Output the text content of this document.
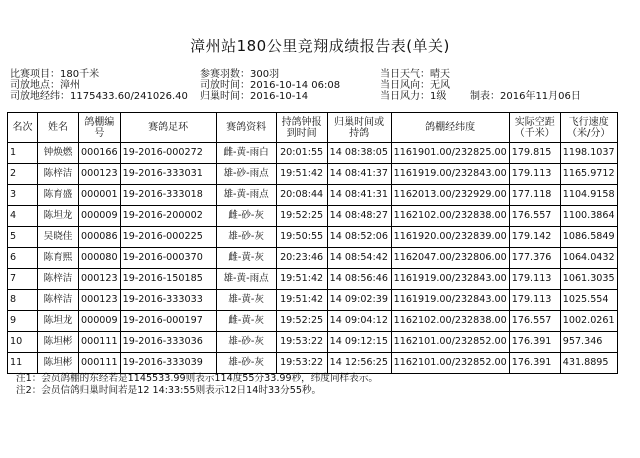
漳州站180公里竞翔成绩报告表(单关)
比赛项目：180千米
司放地点：漳州
司放地经纬：1175433.60/241026.40
参赛羽数：300羽
司放时间：2016-10-14 06:08
归巢时间：2016-10-14
当日天气：晴天
当日风向：无风
当日风力：1级 制表：2016年11月06日
名次	姓名	鸽棚编号	赛鸽足环	赛鸽资料	持鸽钟报到时间	归巢时间或持鸽	鸽棚经纬度	实际空距（千米）	飞行速度（米/分）
1	钟焕燃	000166	19-2016-000272	雌-黄-雨白	20:01:55	14 08:38:05	1161901.00/232825.00	179.815	1198.1037
2	陈梓洁	000123	19-2016-333031	雄-砂-雨点	19:51:42	14 08:41:37	1161919.00/232843.00	179.113	1165.9712
3	陈育盛	000001	19-2016-333018	雄-黄-雨点	20:08:44	14 08:41:31	1162013.00/232929.00	177.118	1104.9158
4	陈坦龙	000009	19-2016-200002	雌-砂-灰	19:52:25	14 08:48:27	1162102.00/232838.00	176.557	1100.3864
5	吴晓佳	000086	19-2016-000225	雄-砂-灰	19:50:55	14 08:52:06	1161920.00/232839.00	179.142	1086.5849
6	陈育熙	000080	19-2016-000370	雌-黄-灰	20:23:46	14 08:54:42	1162047.00/232806.00	177.376	1064.0432
7	陈梓洁	000123	19-2016-150185	雄-黄-雨点	19:51:42	14 08:56:46	1161919.00/232843.00	179.113	1061.3035
8	陈梓洁	000123	19-2016-333033	雄-黄-灰	19:51:42	14 09:02:39	1161919.00/232843.00	179.113	1025.554
9	陈坦龙	000009	19-2016-000197	雌-黄-灰	19:52:25	14 09:04:12	1162102.00/232838.00	176.557	1002.0261
10	陈坦彬	000111	19-2016-333036	雄-砂-灰	19:53:22	14 09:12:15	1162101.00/232852.00	176.391	957.346
11	陈坦彬	000111	19-2016-333039	雄-砂-灰	19:53:22	14 12:56:25	1162101.00/232852.00	176.391	431.8895
注1：会员鸽棚的东经若是1145533.99则表示114度55分33.99秒，纬度同样表示。
注2：会员信鸽归巢时间若是12 14:33:55则表示12日14时33分55秒。
